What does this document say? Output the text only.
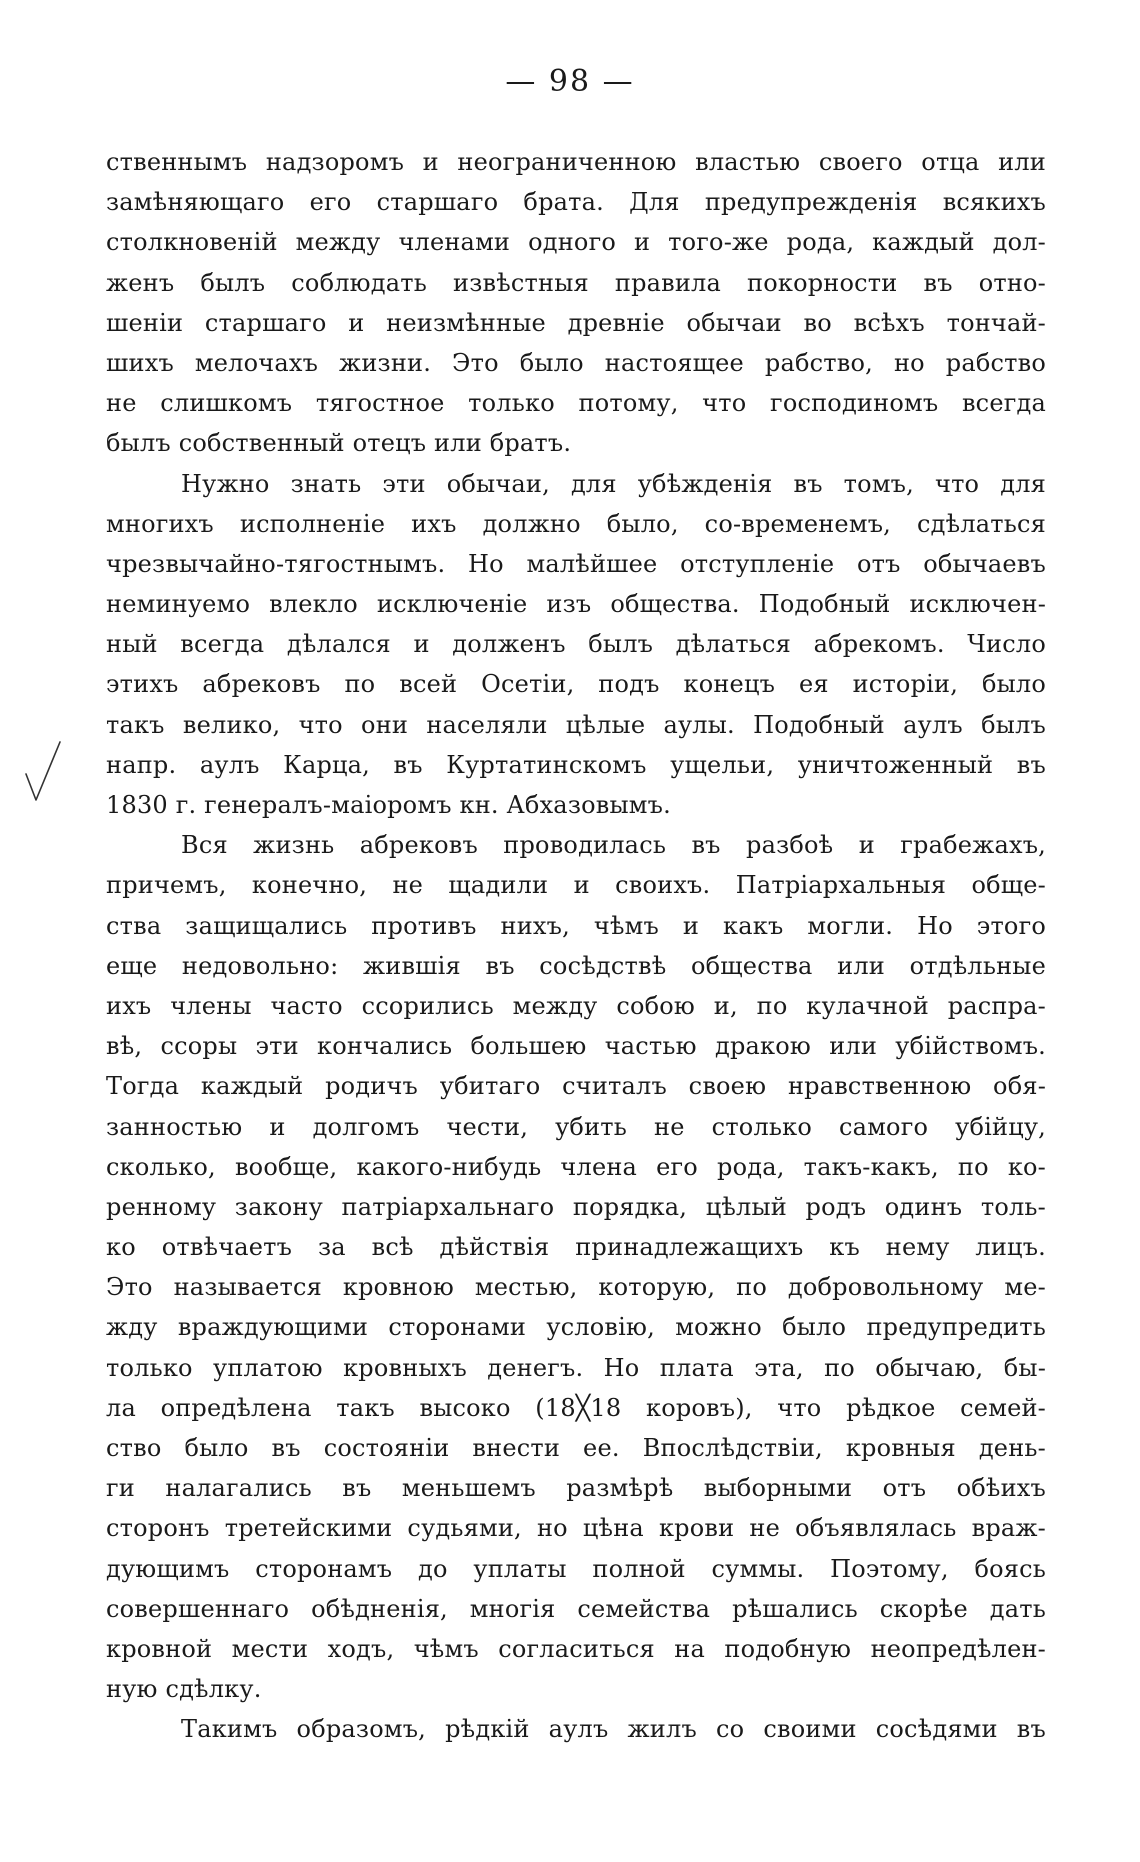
— 98 —
ственнымъ надзоромъ и неограниченною властью своего отца или
замѣняющаго его старшаго брата. Для предупрежденія всякихъ
столкновеній между членами одного и того-же рода, каждый дол-
женъ былъ соблюдать извѣстныя правила покорности въ отно-
шеніи старшаго и неизмѣнные древніе обычаи во всѣхъ тончай-
шихъ мелочахъ жизни. Это было настоящее рабство, но рабство
не слишкомъ тягостное только потому, что господиномъ всегда
былъ собственный отецъ или братъ.
Нужно знать эти обычаи, для убѣжденія въ томъ, что для
многихъ исполненіе ихъ должно было, со-временемъ, сдѣлаться
чрезвычайно-тягостнымъ. Но малѣйшее отступленіе отъ обычаевъ
неминуемо влекло исключеніе изъ общества. Подобный исключен-
ный всегда дѣлался и долженъ былъ дѣлаться абрекомъ. Число
этихъ абрековъ по всей Осетіи, подъ конецъ ея исторіи, было
такъ велико, что они населяли цѣлые аулы. Подобный аулъ былъ
напр. аулъ Карца, въ Куртатинскомъ ущельи, уничтоженный въ
1830 г. генералъ-маіоромъ кн. Абхазовымъ.
Вся жизнь абрековъ проводилась въ разбоѣ и грабежахъ,
причемъ, конечно, не щадили и своихъ. Патріархальныя обще-
ства защищались противъ нихъ, чѣмъ и какъ могли. Но этого
еще недовольно: жившія въ сосѣдствѣ общества или отдѣльные
ихъ члены часто ссорились между собою и, по кулачной распра-
вѣ, ссоры эти кончались большею частью дракою или убійствомъ.
Тогда каждый родичъ убитаго считалъ своею нравственною обя-
занностью и долгомъ чести, убить не столько самого убійцу,
сколько, вообще, какого-нибудь члена его рода, такъ-какъ, по ко-
ренному закону патріархальнаго порядка, цѣлый родъ одинъ толь-
ко отвѣчаетъ за всѣ дѣйствія принадлежащихъ къ нему лицъ.
Это называется кровною местью, которую, по добровольному ме-
жду враждующими сторонами условію, можно было предупредить
только уплатою кровныхъ денегъ. Но плата эта, по обычаю, бы-
ла опредѣлена такъ высоко (18╳18 коровъ), что рѣдкое семей-
ство было въ состояніи внести ее. Впослѣдствіи, кровныя день-
ги налагались въ меньшемъ размѣрѣ выборными отъ обѣихъ
сторонъ третейскими судьями, но цѣна крови не объявлялась враж-
дующимъ сторонамъ до уплаты полной суммы. Поэтому, боясь
совершеннаго обѣдненія, многія семейства рѣшались скорѣе дать
кровной мести ходъ, чѣмъ согласиться на подобную неопредѣлен-
ную сдѣлку.
Такимъ образомъ, рѣдкій аулъ жилъ со своими сосѣдями въ
